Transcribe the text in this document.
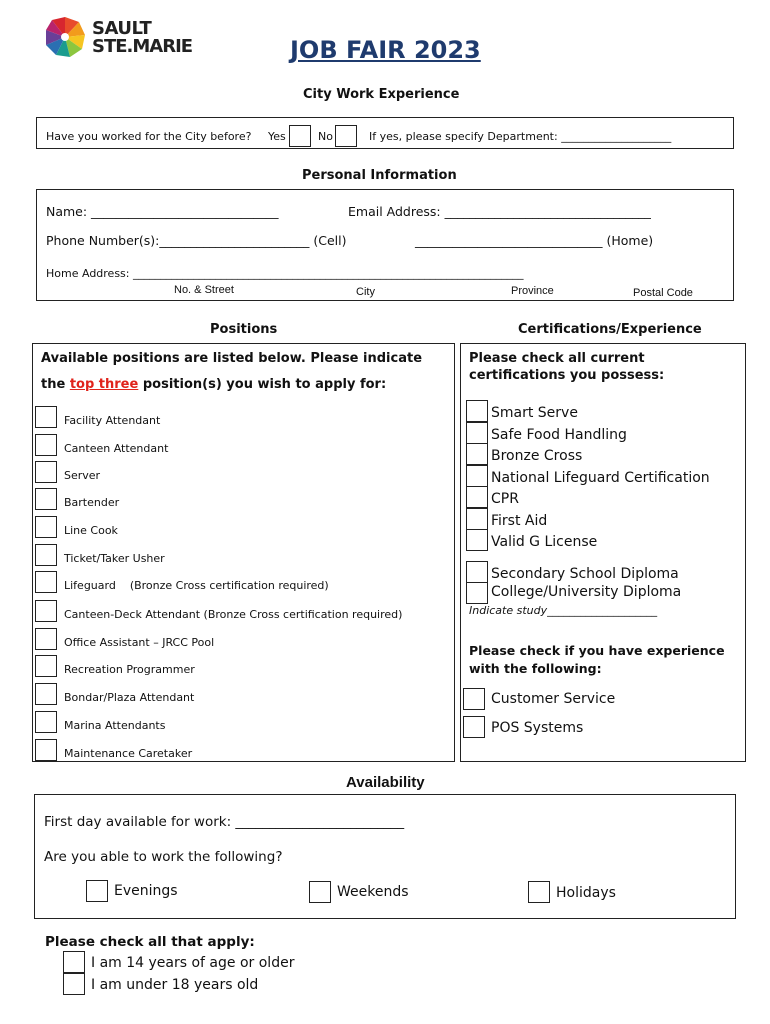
SAULT
STE.MARIE	JOB FAIR 2023
City Work Experience
Have you worked for the City before? Yes	No	If yes, please specify Department: ____________________
Personal Information
Name: ______________________________	Email Address: _________________________________
Phone Number(s):________________________ (Cell)	______________________________ (Home)
Home Address: _______________________________________________________________________
No. & Street	City	Province	Postal Code
Positions
Available positions are listed below. Please indicate
the top three position(s) you wish to apply for:
Facility Attendant
Canteen Attendant
Server
Bartender
Line Cook
Ticket/Taker Usher
Lifeguard    (Bronze Cross certification required)
Canteen-Deck Attendant (Bronze Cross certification required)
Office Assistant – JRCC Pool
Recreation Programmer
Bondar/Plaza Attendant
Marina Attendants
Maintenance Caretaker
Certifications/Experience
Please check all current
certifications you possess:
Smart Serve
Safe Food Handling
Bronze Cross
National Lifeguard Certification
CPR
First Aid
Valid G License
Secondary School Diploma
College/University Diploma
Indicate study____________________
Please check if you have experience
with the following:
Customer Service
POS Systems
Availability
First day available for work: _________________________
Are you able to work the following?
Evenings	Weekends	Holidays
Please check all that apply:
I am 14 years of age or older
I am under 18 years old
